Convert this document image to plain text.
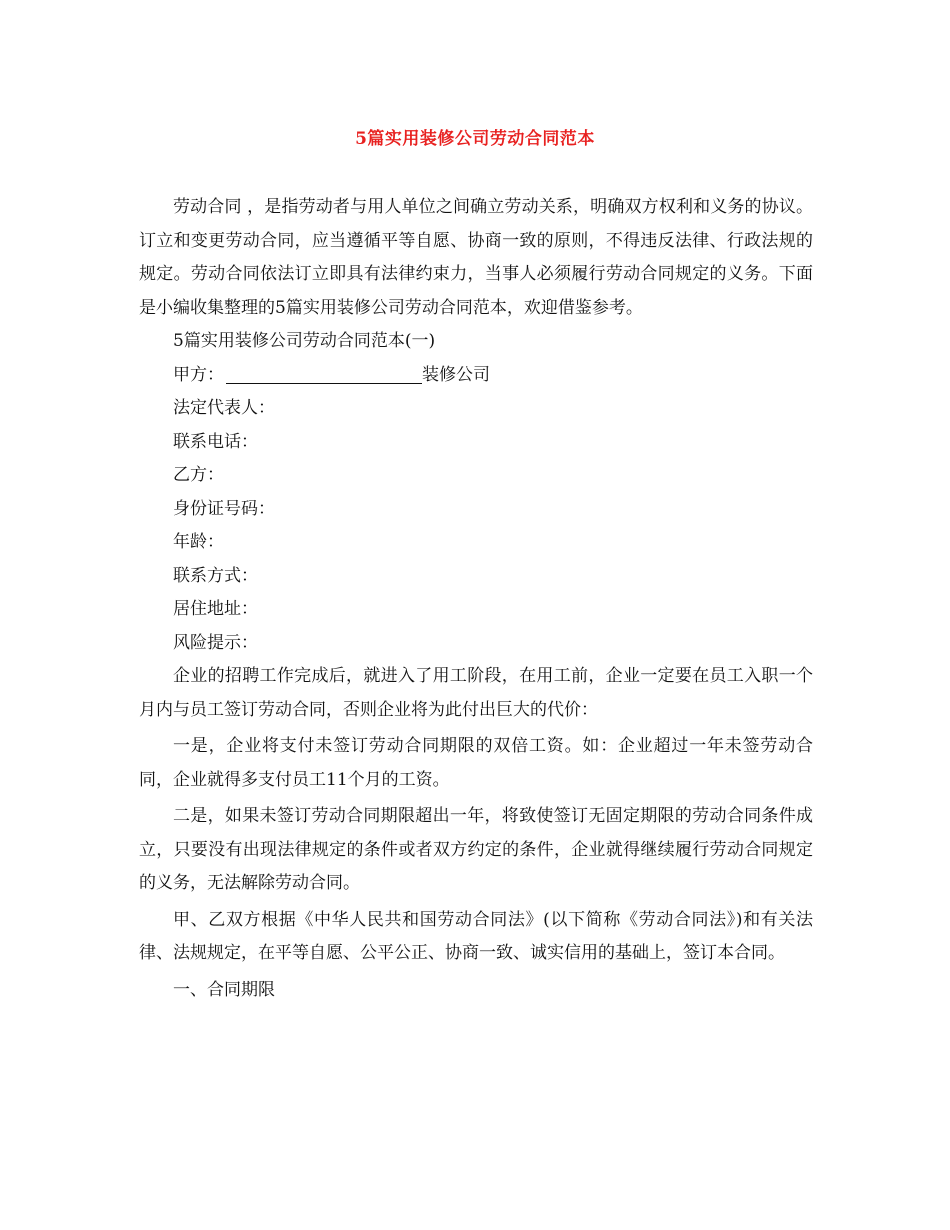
5篇实用装修公司劳动合同范本

劳动合同 ，是指劳动者与用人单位之间确立劳动关系，明确双方权利和义务的协议。订立和变更劳动合同，应当遵循平等自愿、协商一致的原则，不得违反法律、行政法规的规定。劳动合同依法订立即具有法律约束力，当事人必须履行劳动合同规定的义务。下面是小编收集整理的5篇实用装修公司劳动合同范本，欢迎借鉴参考。

5篇实用装修公司劳动合同范本(一)

甲方：	装修公司

法定代表人：

联系电话：

乙方：

身份证号码：

年龄：

联系方式：

居住地址：

风险提示：

企业的招聘工作完成后，就进入了用工阶段，在用工前，企业一定要在员工入职一个月内与员工签订劳动合同，否则企业将为此付出巨大的代价：

一是，企业将支付未签订劳动合同期限的双倍工资。如：企业超过一年未签劳动合同，企业就得多支付员工11个月的工资。

二是，如果未签订劳动合同期限超出一年，将致使签订无固定期限的劳动合同条件成立，只要没有出现法律规定的条件或者双方约定的条件，企业就得继续履行劳动合同规定的义务，无法解除劳动合同。

甲、乙双方根据《中华人民共和国劳动合同法》(以下简称《劳动合同法》)和有关法律、法规规定，在平等自愿、公平公正、协商一致、诚实信用的基础上，签订本合同。

一、合同期限
